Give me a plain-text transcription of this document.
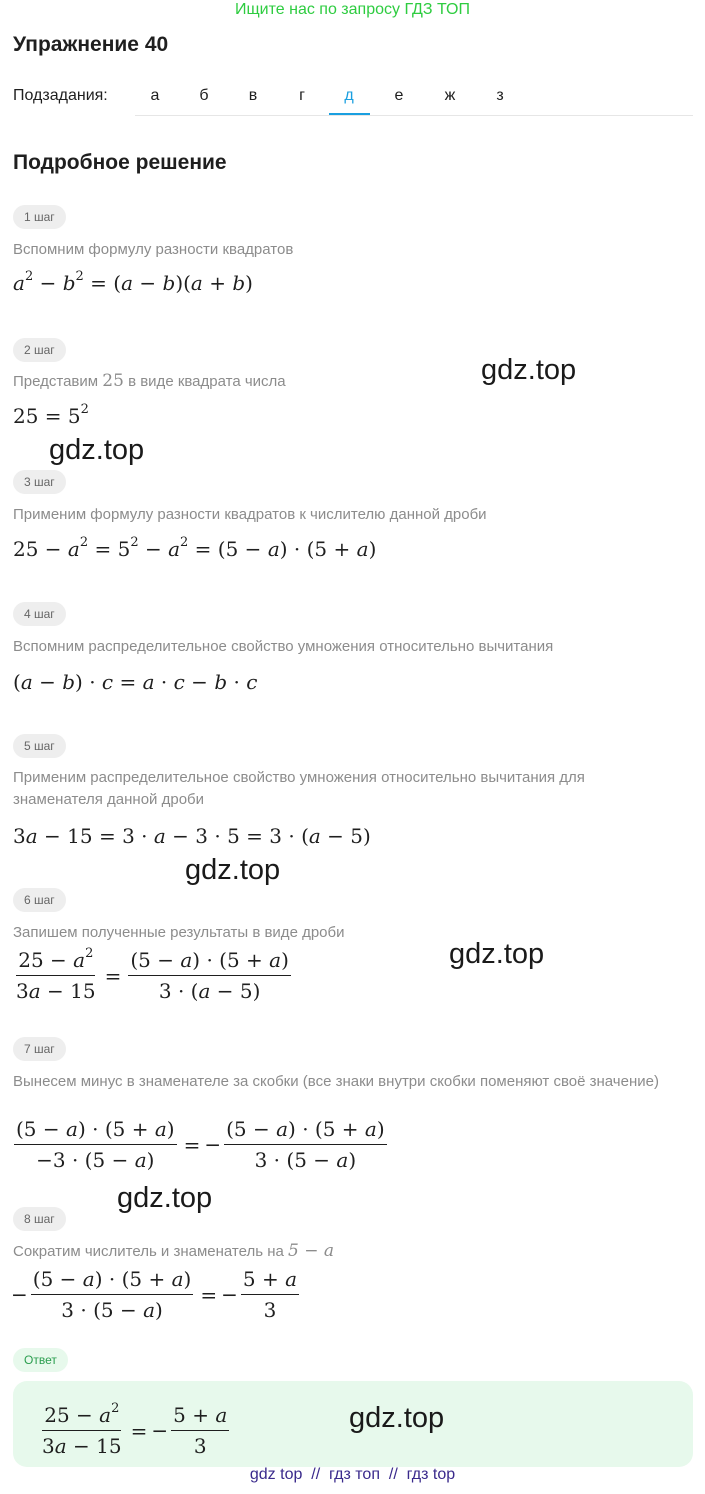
Ищите нас по запросу ГДЗ ТОП
Упражнение 40
Подзадания:	а	б	в	г	д	е	ж	з
Подробное решение
1 шаг
Вспомним формулу разности квадратов
$a^2 - b^2 = (a - b)(a + b)$
2 шаг
Представим 25 в виде квадрата числа
$25 = 5^2$
3 шаг
Применим формулу разности квадратов к числителю данной дроби
$25 - a^2 = 5^2 - a^2 = (5 - a) \cdot (5 + a)$
4 шаг
Вспомним распределительное свойство умножения относительно вычитания
(a − b) · c = a · c − b · c
5 шаг
Применим распределительное свойство умножения относительно вычитания для знаменателя данной дроби
3a − 15 = 3 · a − 3 · 5 = 3 · (a − 5)
6 шаг
Запишем полученные результаты в виде дроби
$\frac{25 - a^2}{3a - 15} = \frac{(5 - a) \cdot (5 + a)}{3 \cdot (a - 5)}$
7 шаг
Вынесем минус в знаменателе за скобки (все знаки внутри скобки поменяют своё значение)
$\frac{(5 - a) \cdot (5 + a)}{-3 \cdot (5 - a)}$ = − $\frac{(5 - a) \cdot (5 + a)}{3 \cdot (5 - a)}$
8 шаг
Сократим числитель и знаменатель на 5 − a
− $\frac{(5 - a) \cdot (5 + a)}{3 \cdot (5 - a)}$ = − $\frac{5 + a}{3}$
Ответ
$\frac{25 - a^2}{3a - 15}$ = − $\frac{5 + a}{3}$
gdz.top
gdz.top
gdz.top
gdz.top
gdz.top
gdz.top
gdz top  //  гдз топ  //  гдз top
